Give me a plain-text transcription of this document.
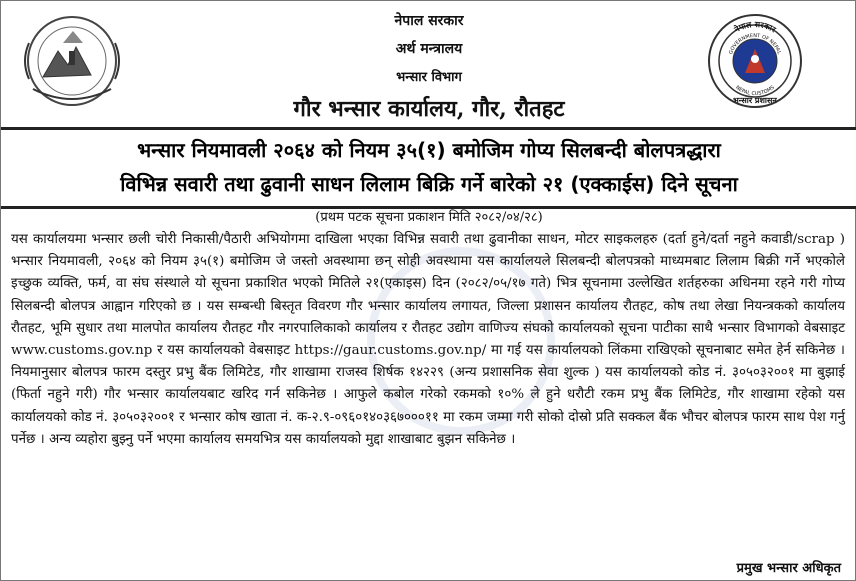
नेपाल सरकार
अर्थ मन्त्रालय
भन्सार विभाग
गौर भन्सार कार्यालय, गौर, रौतहट
नेपाल सरकार
GOVERNMENT OF NEPAL
NEPAL CUSTOMS
भन्सार प्रशासन
भन्सार नियमावली २०६४ को नियम ३५(१) बमोजिम गोप्य सिलबन्दी बोलपत्रद्धारा
विभिन्न सवारी तथा ढुवानी साधन लिलाम बिक्रि गर्ने बारेको २१ (एक्काईस) दिने सूचना
(प्रथम पटक सूचना प्रकाशन मिति २०८२/०४/२८)
यस कार्यालयमा भन्सार छली चोरी निकासी/पैठारी अभियोगमा दाखिला भएका विभिन्न सवारी तथा ढुवानीका साधन, मोटर साइकलहरु (दर्ता हुने/दर्ता नहुने कवाडी/scrap ) भन्सार नियमावली, २०६४ को नियम ३५(१) बमोजिम जे जस्तो अवस्थामा छन् सोही अवस्थामा यस कार्यालयले सिलबन्दी बोलपत्रको माध्यमबाट लिलाम बिक्री गर्ने भएकोले इच्छुक व्यक्ति, फर्म, वा संघ संस्थाले यो सूचना प्रकाशित भएको मितिले २१(एकाइस) दिन (२०८२/०५/१७ गते) भित्र सूचनामा उल्लेखित शर्तहरुका अधिनमा रहने गरी गोप्य सिलबन्दी बोलपत्र आह्वान गरिएको छ । यस सम्बन्धी बिस्तृत विवरण गौर भन्सार कार्यालय लगायत, जिल्ला प्रशासन कार्यालय रौतहट, कोष तथा लेखा नियन्त्रकको कार्यालय रौतहट, भूमि सुधार तथा मालपोत कार्यालय रौतहट गौर नगरपालिकाको कार्यालय र रौतहट उद्योग वाणिज्य संघको कार्यालयको सूचना पाटीका साथै भन्सार विभागको वेबसाइट www.customs.gov.np र यस कार्यालयको वेबसाइट https://gaur.customs.gov.np/ मा गई यस कार्यालयको लिंकमा राखिएको सूचनाबाट समेत हेर्न सकिनेछ । नियमानुसार बोलपत्र फारम दस्तुर प्रभु बैंक लिमिटेड, गौर शाखामा राजस्व शिर्षक १४२२९ (अन्य प्रशासनिक सेवा शुल्क ) यस कार्यालयको कोड नं. ३०५०३२००१ मा बुझाई (फिर्ता नहुने गरी) गौर भन्सार कार्यालयबाट खरिद गर्न सकिनेछ । आफुले कबोल गरेको रकमको १०% ले हुने धरौटी रकम प्रभु बैंक लिमिटेड, गौर शाखामा रहेको यस कार्यालयको कोड नं. ३०५०३२००१ र भन्सार कोष खाता नं. क-२.९-०९६०१४०३६७०००११ मा रकम जम्मा गरी सोको दोस्रो प्रति सक्कल बैंक भौचर बोलपत्र फारम साथ पेश गर्नु पर्नेछ । अन्य व्यहोरा बुझ्नु पर्ने भएमा कार्यालय समयभित्र यस कार्यालयको मुद्दा शाखाबाट बुझन सकिनेछ ।
प्रमुख भन्सार अधिकृत
